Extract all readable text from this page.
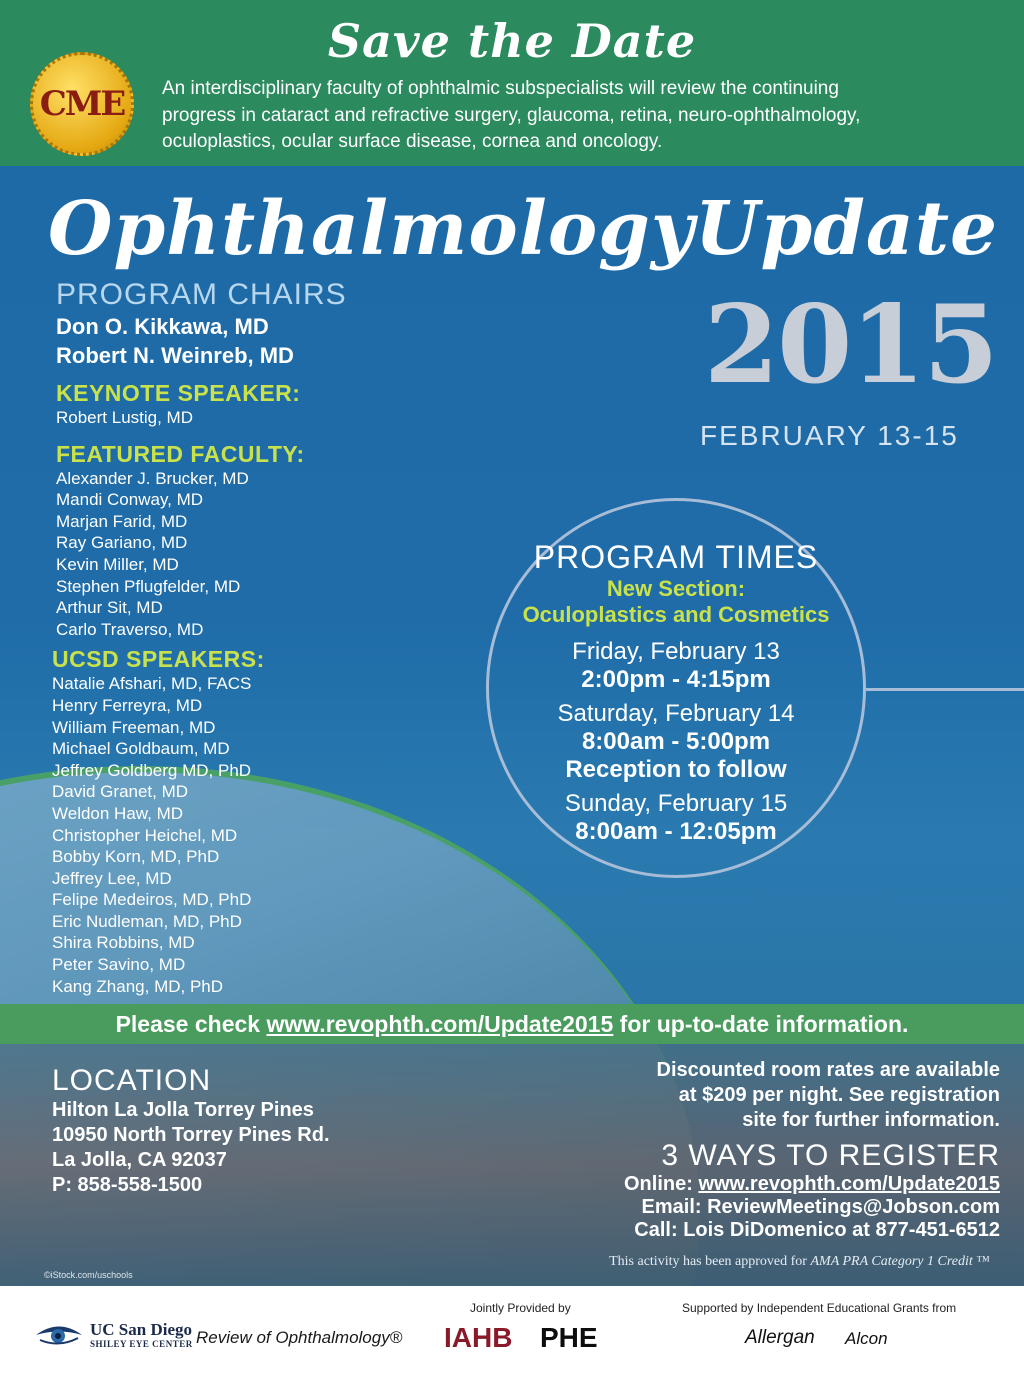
Save the Date
CME An interdisciplinary faculty of ophthalmic subspecialists will review the continuing
progress in cataract and refractive surgery, glaucoma, retina, neuro-ophthalmology,
oculoplastics, ocular surface disease, cornea and oncology.
OphthalmologyUpdate
PROGRAM CHAIRS
Don O. Kikkawa, MD
Robert N. Weinreb, MD
KEYNOTE SPEAKER:
Robert Lustig, MD
FEATURED FACULTY:
Alexander J. Brucker, MD
Mandi Conway, MD
Marjan Farid, MD
Ray Gariano, MD
Kevin Miller, MD
Stephen Pflugfelder, MD
Arthur Sit, MD
Carlo Traverso, MD
UCSD SPEAKERS:
Natalie Afshari, MD, FACS
Henry Ferreyra, MD
William Freeman, MD
Michael Goldbaum, MD
Jeffrey Goldberg MD, PhD
David Granet, MD
Weldon Haw, MD
Christopher Heichel, MD
Bobby Korn, MD, PhD
Jeffrey Lee, MD
Felipe Medeiros, MD, PhD
Eric Nudleman, MD, PhD
Shira Robbins, MD
Peter Savino, MD
Kang Zhang, MD, PhD
2015
FEBRUARY 13-15
PROGRAM TIMES
New Section:
Oculoplastics and Cosmetics
Friday, February 13
2:00pm - 4:15pm
Saturday, February 14
8:00am - 5:00pm
Reception to follow
Sunday, February 15
8:00am - 12:05pm
Please check www.revophth.com/Update2015 for up-to-date information.
LOCATION
Hilton La Jolla Torrey Pines
10950 North Torrey Pines Rd.
La Jolla, CA 92037
P: 858-558-1500
Discounted room rates are available
at $209 per night. See registration
site for further information.
3 WAYS TO REGISTER
Online: www.revophth.com/Update2015
Email: ReviewMeetings@Jobson.com
Call: Lois DiDomenico at 877-451-6512
This activity has been approved for AMA PRA Category 1 Credit ™
©iStock.com/uschools
UC San Diego
SHILEY EYE CENTER Review of Ophthalmology®
Jointly Provided by
IAHB PHE
Supported by Independent Educational Grants from
Allergan Alcon
